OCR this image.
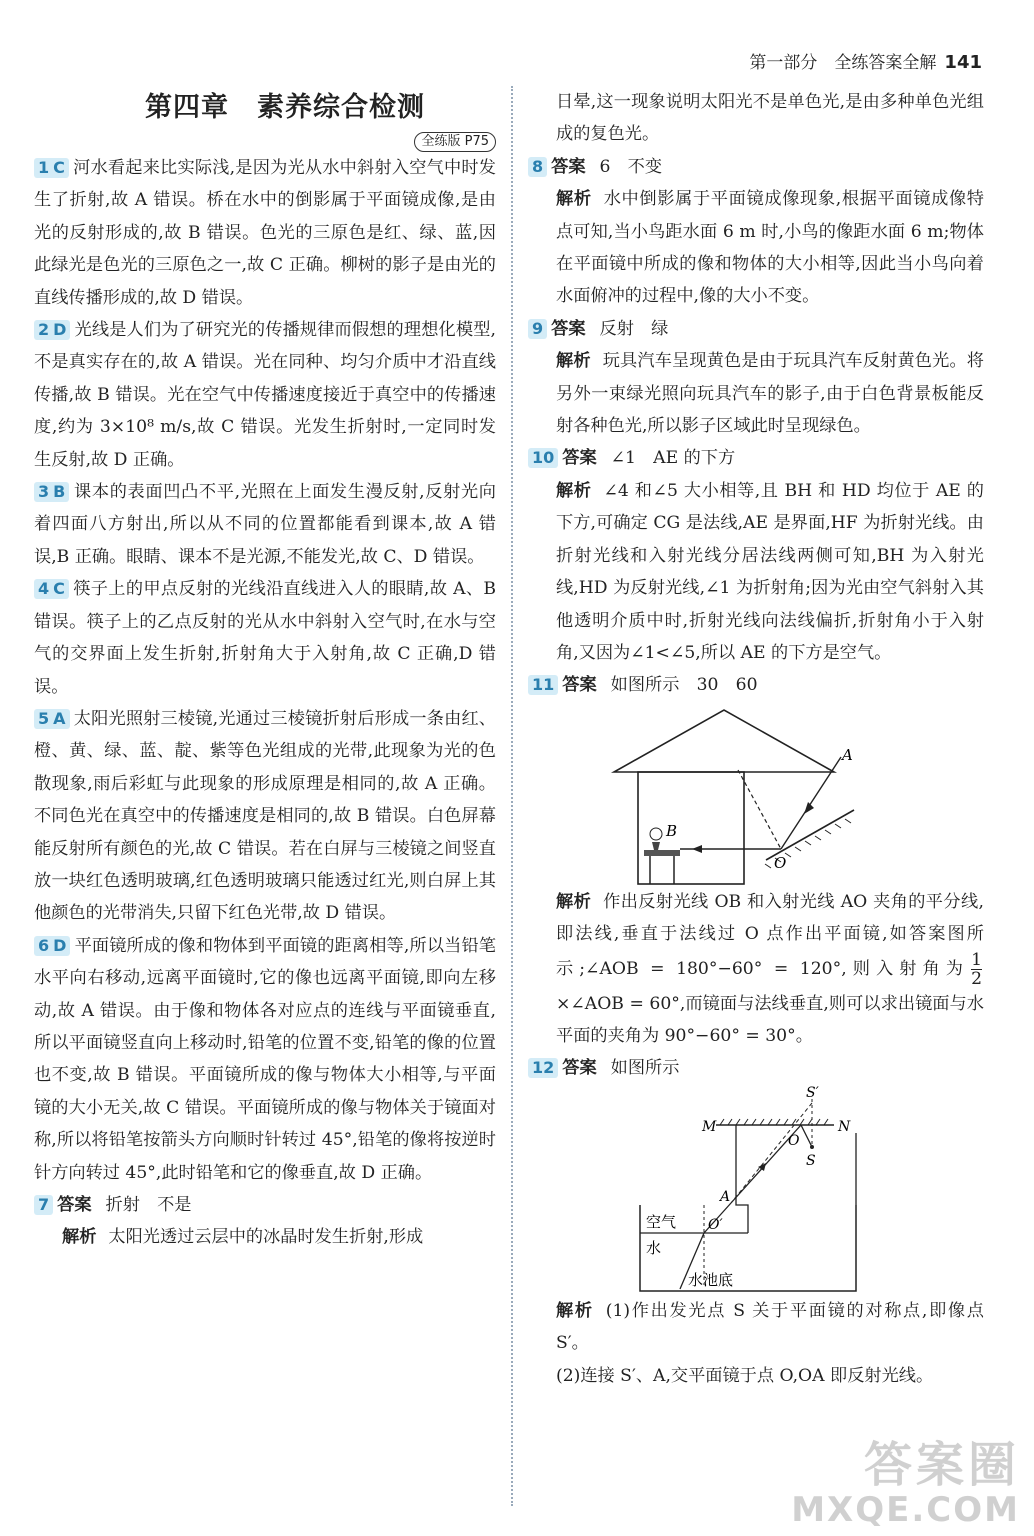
第一部分　全练答案全解 141
第四章　素养综合检测
全练版 P75
1 C 河水看起来比实际浅,是因为光从水中斜射入空气中时发生了折射,故 A 错误。桥在水中的倒影属于平面镜成像,是由光的反射形成的,故 B 错误。色光的三原色是红、绿、蓝,因此绿光是色光的三原色之一,故 C 正确。柳树的影子是由光的直线传播形成的,故 D 错误。
2 D 光线是人们为了研究光的传播规律而假想的理想化模型,不是真实存在的,故 A 错误。光在同种、均匀介质中才沿直线传播,故 B 错误。光在空气中传播速度接近于真空中的传播速度,约为 3×10⁸ m/s,故 C 错误。光发生折射时,一定同时发生反射,故 D 正确。
3 B 课本的表面凹凸不平,光照在上面发生漫反射,反射光向着四面八方射出,所以从不同的位置都能看到课本,故 A 错误,B 正确。眼睛、课本不是光源,不能发光,故 C、D 错误。
4 C 筷子上的甲点反射的光线沿直线进入人的眼睛,故 A、B 错误。筷子上的乙点反射的光从水中斜射入空气时,在水与空气的交界面上发生折射,折射角大于入射角,故 C 正确,D 错误。
5 A 太阳光照射三棱镜,光通过三棱镜折射后形成一条由红、橙、黄、绿、蓝、靛、紫等色光组成的光带,此现象为光的色散现象,雨后彩虹与此现象的形成原理是相同的,故 A 正确。不同色光在真空中的传播速度是相同的,故 B 错误。白色屏幕能反射所有颜色的光,故 C 错误。若在白屏与三棱镜之间竖直放一块红色透明玻璃,红色透明玻璃只能透过红光,则白屏上其他颜色的光带消失,只留下红色光带,故 D 错误。
6 D 平面镜所成的像和物体到平面镜的距离相等,所以当铅笔水平向右移动,远离平面镜时,它的像也远离平面镜,即向左移动,故 A 错误。由于像和物体各对应点的连线与平面镜垂直,所以平面镜竖直向上移动时,铅笔的位置不变,铅笔的像的位置也不变,故 B 错误。平面镜所成的像与物体大小相等,与平面镜的大小无关,故 C 错误。平面镜所成的像与物体关于镜面对称,所以将铅笔按箭头方向顺时针转过 45°,铅笔的像将按逆时针方向转过 45°,此时铅笔和它的像垂直,故 D 正确。
7 答案 折射　不是
解析 太阳光透过云层中的冰晶时发生折射,形成
日晕,这一现象说明太阳光不是单色光,是由多种单色光组成的复色光。
8 答案 6　不变
解析 水中倒影属于平面镜成像现象,根据平面镜成像特点可知,当小鸟距水面 6 m 时,小鸟的像距水面 6 m;物体在平面镜中所成的像和物体的大小相等,因此当小鸟向着水面俯冲的过程中,像的大小不变。
9 答案 反射　绿
解析 玩具汽车呈现黄色是由于玩具汽车反射黄色光。将另外一束绿光照向玩具汽车的影子,由于白色背景板能反射各种色光,所以影子区域此时呈现绿色。
10 答案 ∠1　AE 的下方
解析 ∠4 和∠5 大小相等,且 BH 和 HD 均位于 AE 的下方,可确定 CG 是法线,AE 是界面,HF 为折射光线。由折射光线和入射光线分居法线两侧可知,BH 为入射光线,HD 为反射光线,∠1 为折射角;因为光由空气斜射入其他透明介质中时,折射光线向法线偏折,折射角小于入射角,又因为∠1<∠5,所以 AE 的下方是空气。
11 答案 如图所示　30　60
A
B
O
解析 作出反射光线 OB 和入射光线 AO 夹角的平分线,即法线,垂直于法线过 O 点作出平面镜,如答案图所示;∠AOB = 180°−60° = 120°,则入射角为 $\frac{1}{2}$
×∠AOB = 60°,而镜面与法线垂直,则可以求出镜面与水平面的夹角为 90°−60° = 30°。
12 答案 如图所示
S′
M	N
O
S
A
O′
空气
水
水池底
解析 (1)作出发光点 S 关于平面镜的对称点,即像点 S′。
(2)连接 S′、A,交平面镜于点 O,OA 即反射光线。
答案圈
MXQE.COM
